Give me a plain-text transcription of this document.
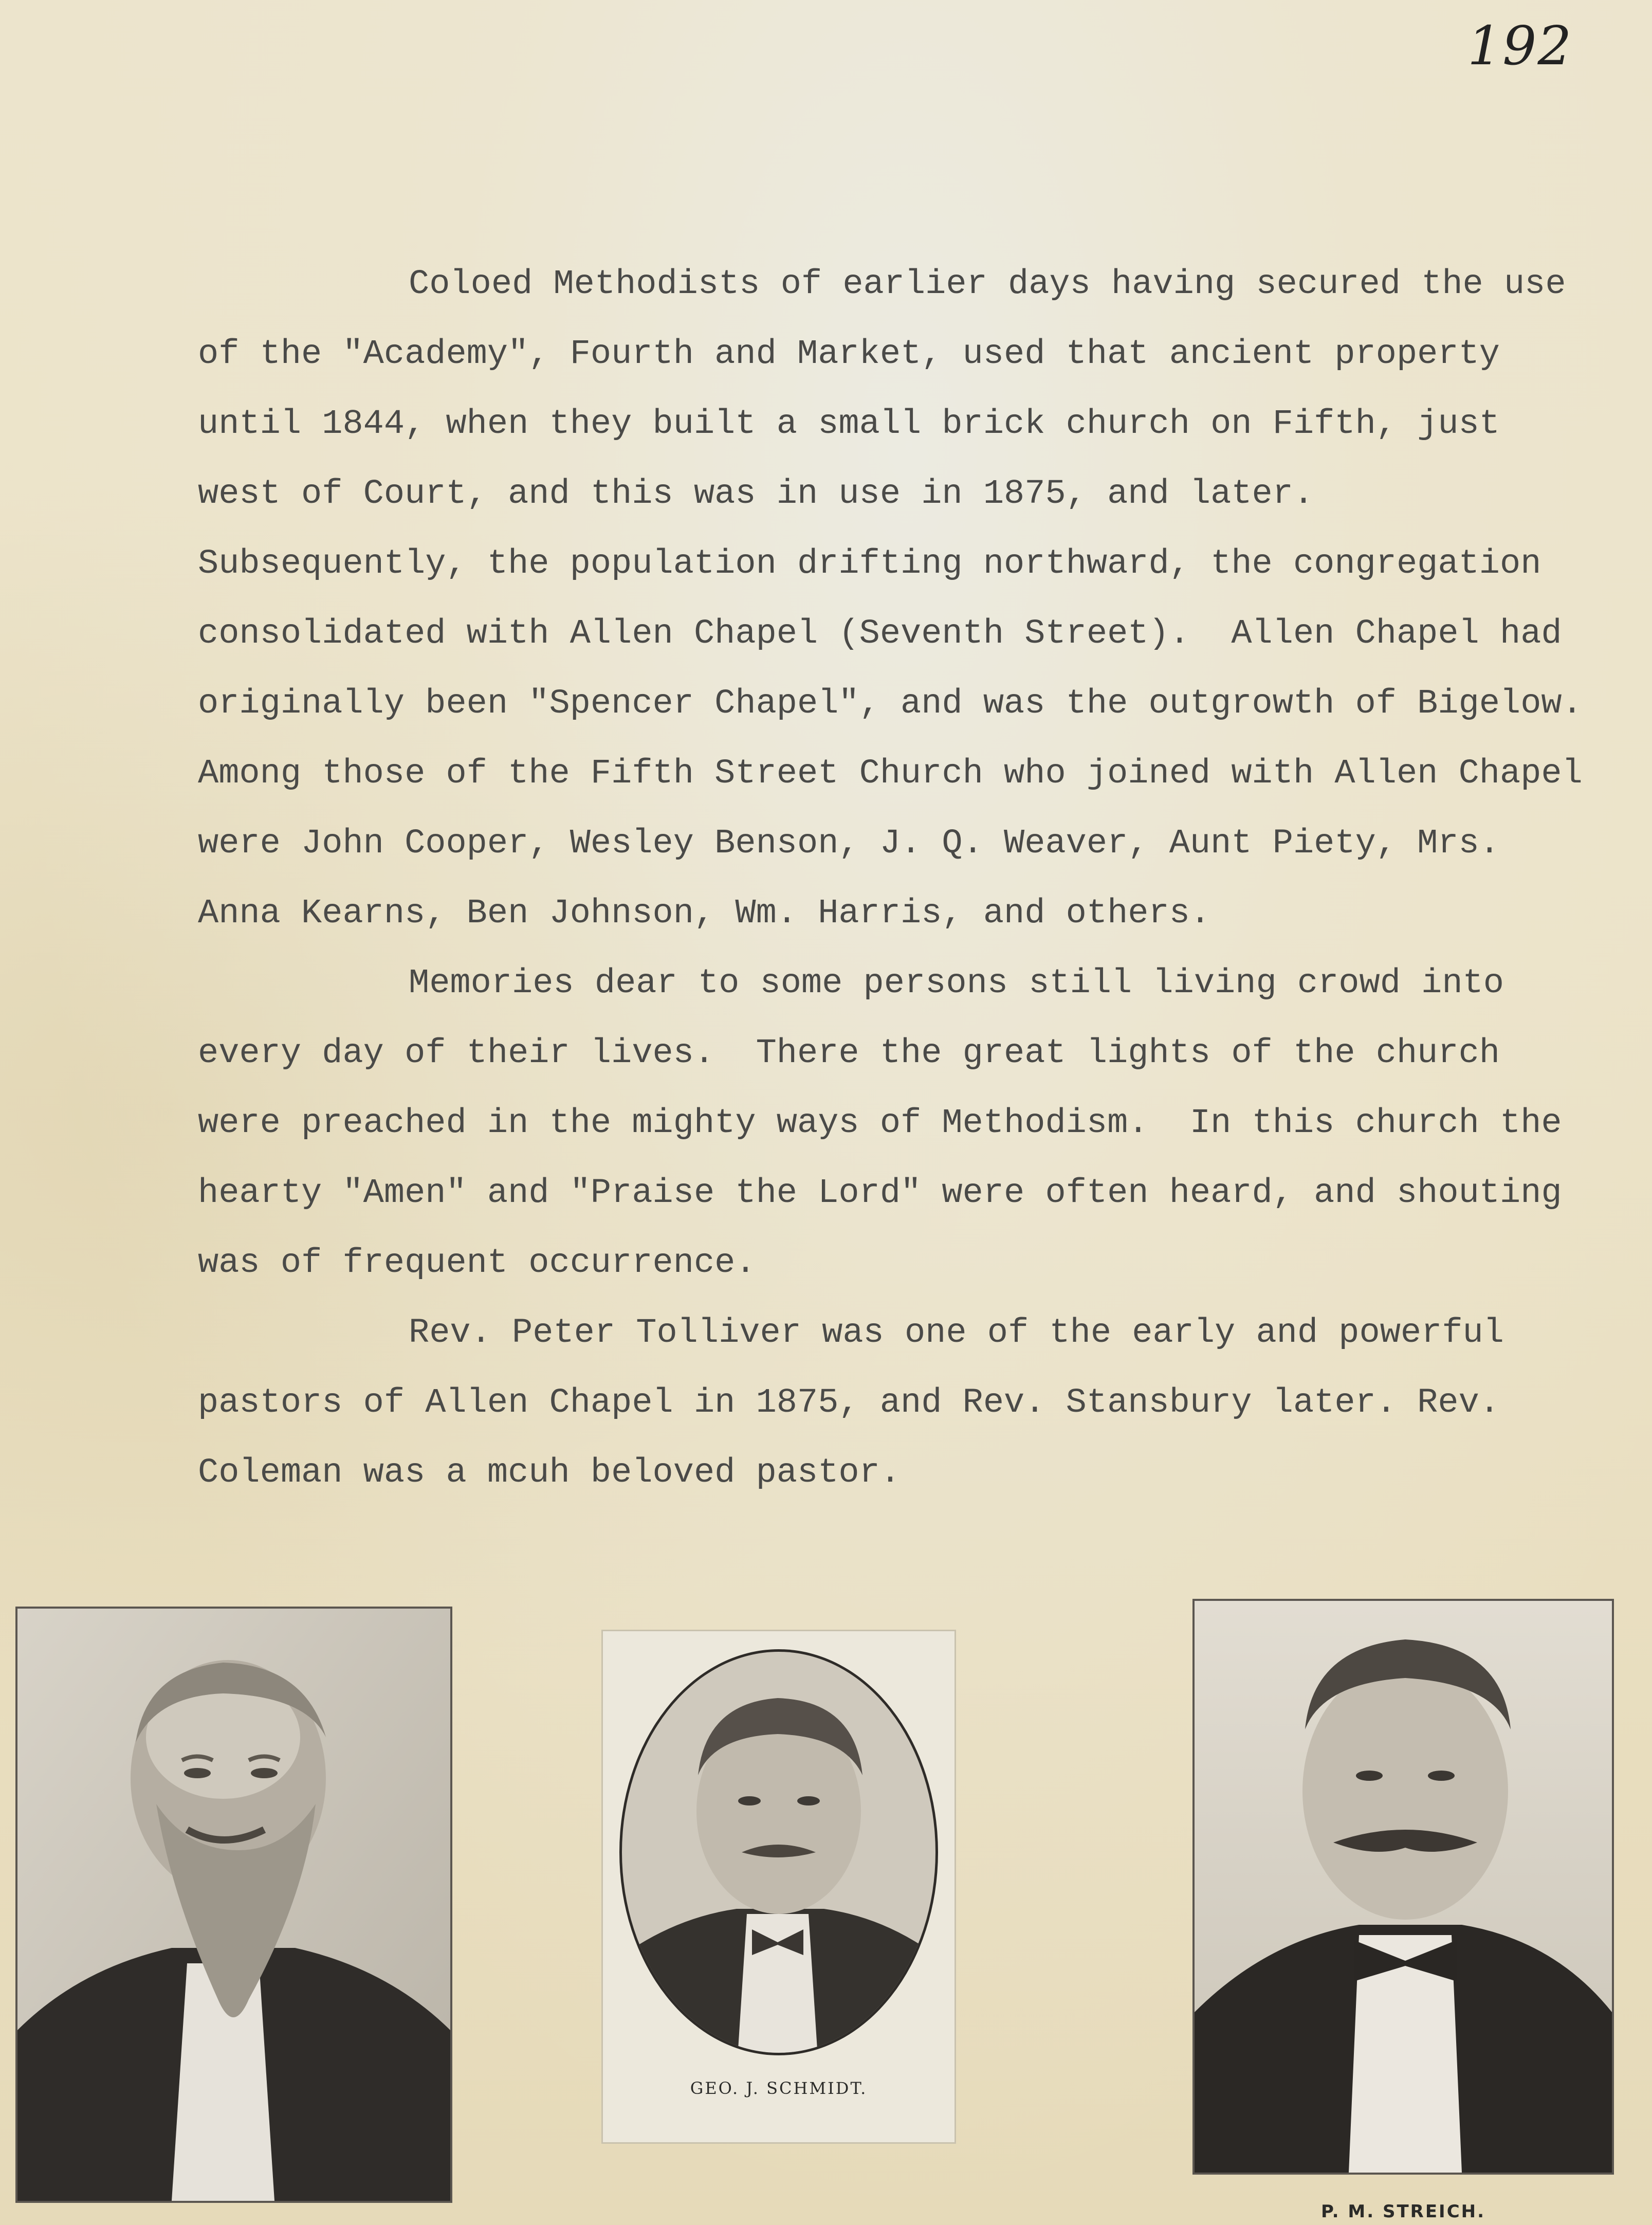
192

Coloed Methodists of earlier days having secured the use of the "Academy", Fourth and Market, used that ancient property until 1844, when they built a small brick church on Fifth, just west of Court, and this was in use in 1875, and later. Subsequently, the population drifting northward, the congregation consolidated with Allen Chapel (Seventh Street).  Allen Chapel had originally been "Spencer Chapel", and was the outgrowth of Bigelow.  Among those of the Fifth Street Church who joined with Allen Chapel were John Cooper, Wesley Benson, J. Q. Weaver, Aunt Piety, Mrs. Anna Kearns, Ben Johnson, Wm. Harris, and others.

Memories dear to some persons still living crowd into every day of their lives.  There the great lights of the church were preached in the mighty ways of Methodism.  In this church the hearty "Amen" and "Praise the Lord" were often heard, and shouting was of frequent occurrence.

Rev. Peter Tolliver was one of the early and powerful pastors of Allen Chapel in 1875, and Rev. Stansbury later. Rev. Coleman was a mcuh beloved pastor.

GEO. J. SCHMIDT.
P. M. STREICH.
